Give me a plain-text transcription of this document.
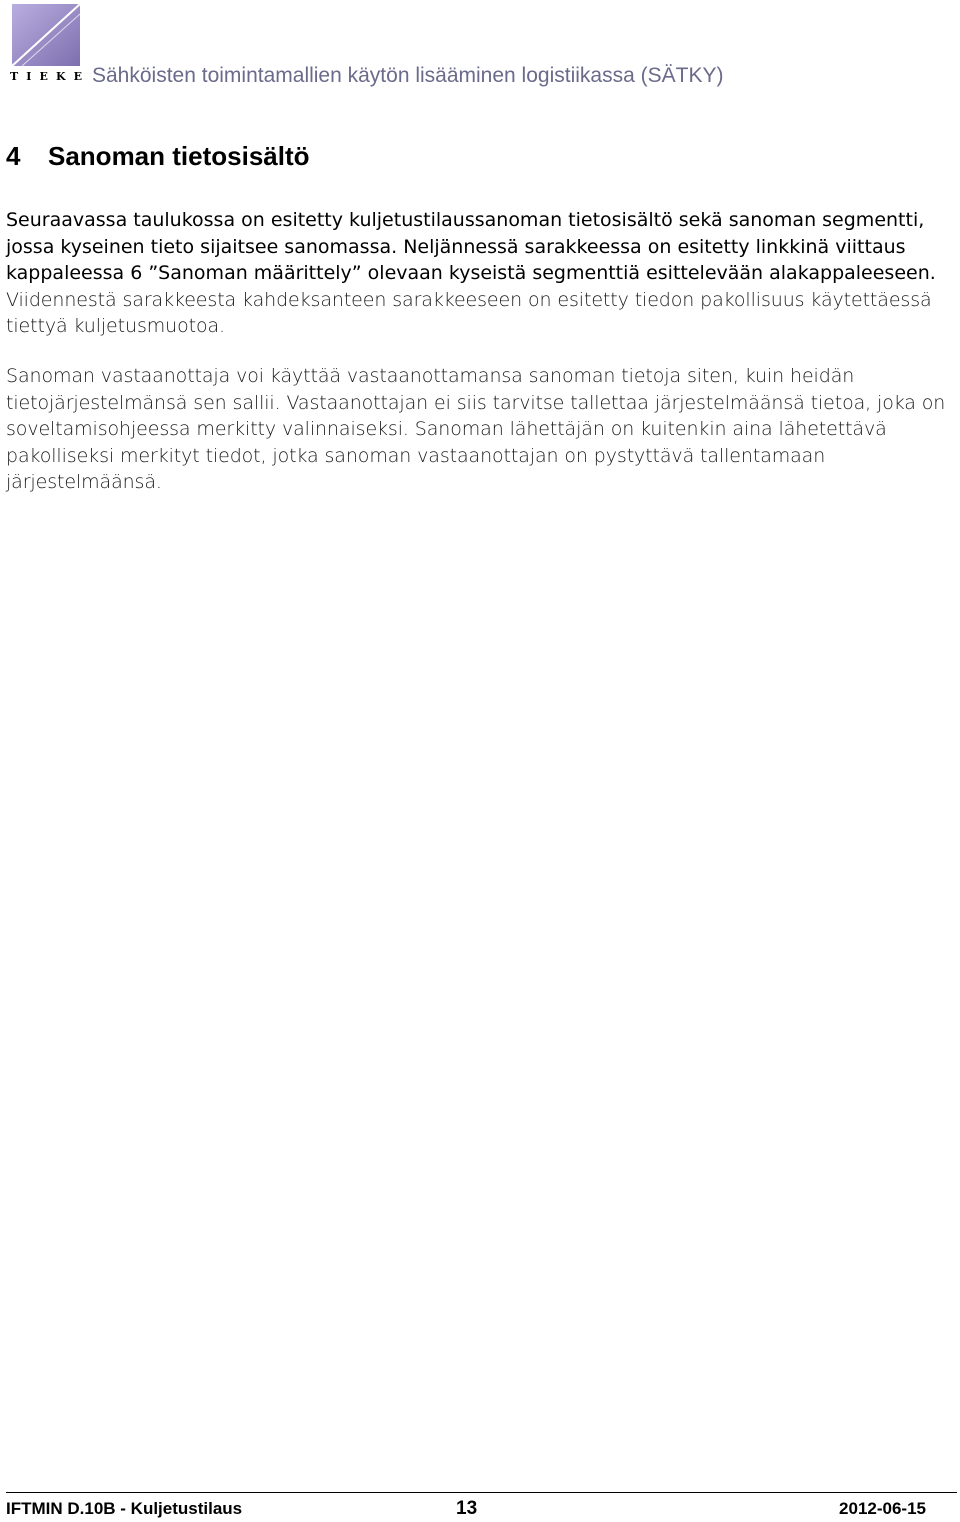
T I E K E Sähköisten toimintamallien käytön lisääminen logistiikassa (SÄTKY)
4 Sanoman tietosisältö

Seuraavassa taulukossa on esitetty kuljetustilaussanoman tietosisältö sekä sanoman segmentti, jossa kyseinen tieto sijaitsee sanomassa. Neljännessä sarakkeessa on esitetty linkkinä viittaus kappaleessa 6 ”Sanoman määrittely” olevaan kyseistä segmenttiä esittelevään alakappaleeseen. Viidennestä sarakkeesta kahdeksanteen sarakkeeseen on esitetty tiedon pakollisuus käytettäessä tiettyä kuljetusmuotoa.

Sanoman vastaanottaja voi käyttää vastaanottamansa sanoman tietoja siten, kuin heidän tietojärjestelmänsä sen sallii. Vastaanottajan ei siis tarvitse tallettaa järjestelmäänsä tietoa, joka on soveltamisohjeessa merkitty valinnaiseksi. Sanoman lähettäjän on kuitenkin aina lähetettävä pakolliseksi merkityt tiedot, jotka sanoman vastaanottajan on pystyttävä tallentamaan järjestelmäänsä.

IFTMIN D.10B - Kuljetustilaus	13	2012-06-15
